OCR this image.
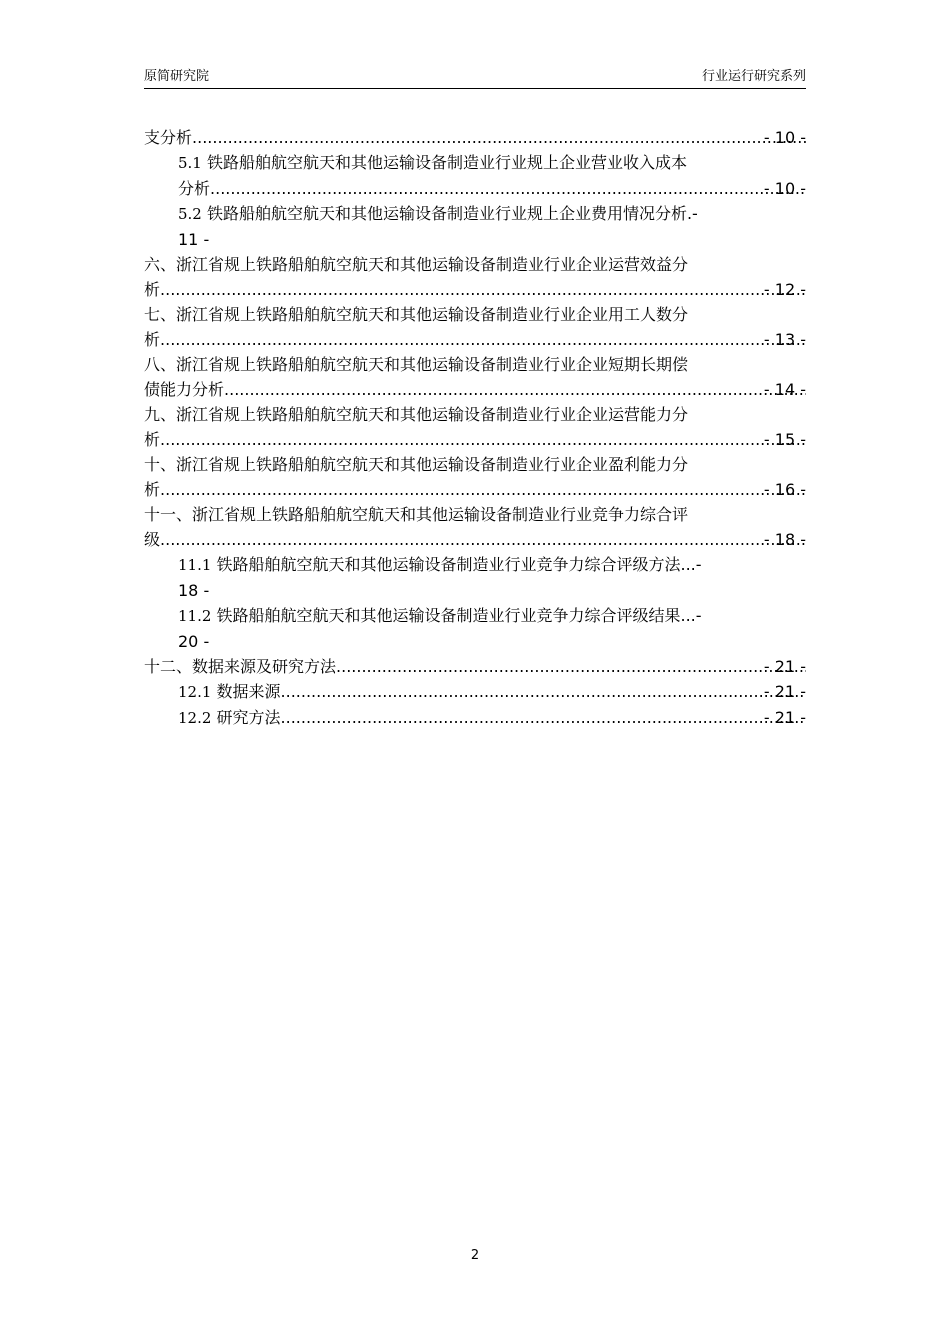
原简研究院	行业运行研究系列
- 10 -
支分析 .....
5.1 铁路船舶航空航天和其他运输设备制造业行业规上企业营业收入成本
- 10 -
分析 .....
5.2 铁路船舶航空航天和其他运输设备制造业行业规上企业费用情况分析.-
11 -
六、浙江省规上铁路船舶航空航天和其他运输设备制造业行业企业运营效益分
- 12 -
析 .....
七、浙江省规上铁路船舶航空航天和其他运输设备制造业行业企业用工人数分
- 13 -
析 .....
八、浙江省规上铁路船舶航空航天和其他运输设备制造业行业企业短期长期偿
- 14 -
债能力分析 .....
九、浙江省规上铁路船舶航空航天和其他运输设备制造业行业企业运营能力分
- 15 -
析 .....
十、浙江省规上铁路船舶航空航天和其他运输设备制造业行业企业盈利能力分
- 16 -
析 .....
十一、浙江省规上铁路船舶航空航天和其他运输设备制造业行业竞争力综合评
- 18 -
级 .....
11.1 铁路船舶航空航天和其他运输设备制造业行业竞争力综合评级方法...-
18 -
11.2 铁路船舶航空航天和其他运输设备制造业行业竞争力综合评级结果...-
20 -
- 21 -
十二、数据来源及研究方法 .....
- 21 -
12.1 数据来源 .....
- 21 -
12.2 研究方法 .....
2
